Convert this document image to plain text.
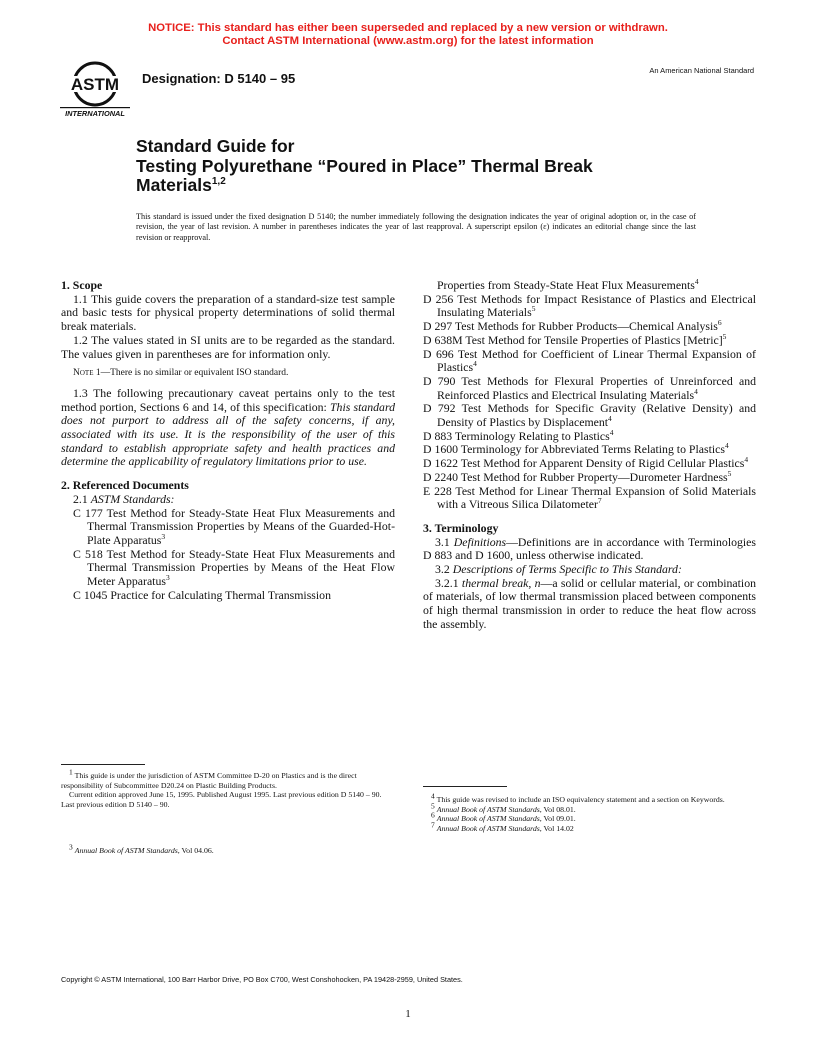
NOTICE: This standard has either been superseded and replaced by a new version or withdrawn.
Contact ASTM International (www.astm.org) for the latest information
ASTM
INTERNATIONAL
Designation: D 5140 – 95
An American National Standard
Standard Guide for
Testing Polyurethane “Poured in Place” Thermal Break
Materials$^{1,2}$
This standard is issued under the fixed designation D 5140; the number immediately following the designation indicates the year of original adoption or, in the case of revision, the year of last revision. A number in parentheses indicates the year of last reapproval. A superscript epsilon (ε) indicates an editorial change since the last revision or reapproval.
1. Scope

1.1 This guide covers the preparation of a standard-size test sample and basic tests for physical property determinations of solid thermal break materials.

1.2 The values stated in SI units are to be regarded as the standard. The values given in parentheses are for information only.

Note 1—There is no similar or equivalent ISO standard.

1.3 The following precautionary caveat pertains only to the test method portion, Sections 6 and 14, of this specification: This standard does not purport to address all of the safety concerns, if any, associated with its use. It is the responsibility of the user of this standard to establish appropriate safety and health practices and determine the applicability of regulatory limitations prior to use.

2. Referenced Documents

2.1 ASTM Standards:

C 177 Test Method for Steady-State Heat Flux Measurements and Thermal Transmission Properties by Means of the Guarded-Hot-Plate Apparatus$^3$

C 518 Test Method for Steady-State Heat Flux Measurements and Thermal Transmission Properties by Means of the Heat Flow Meter Apparatus$^3$

C 1045 Practice for Calculating Thermal Transmission

Properties from Steady-State Heat Flux Measurements$^4$

D 256 Test Methods for Impact Resistance of Plastics and Electrical Insulating Materials$^5$

D 297 Test Methods for Rubber Products—Chemical Analysis$^6$

D 638M Test Method for Tensile Properties of Plastics [Metric]$^5$

D 696 Test Method for Coefficient of Linear Thermal Expansion of Plastics$^4$

D 790 Test Methods for Flexural Properties of Unreinforced and Reinforced Plastics and Electrical Insulating Materials$^4$

D 792 Test Methods for Specific Gravity (Relative Density) and Density of Plastics by Displacement$^4$

D 883 Terminology Relating to Plastics$^4$

D 1600 Terminology for Abbreviated Terms Relating to Plastics$^4$

D 1622 Test Method for Apparent Density of Rigid Cellular Plastics$^4$

D 2240 Test Method for Rubber Property—Durometer Hardness$^5$

E 228 Test Method for Linear Thermal Expansion of Solid Materials with a Vitreous Silica Dilatometer$^7$

3. Terminology

3.1 Definitions—Definitions are in accordance with Terminologies D 883 and D 1600, unless otherwise indicated.

3.2 Descriptions of Terms Specific to This Standard:

3.2.1 thermal break, n—a solid or cellular material, or combination of materials, of low thermal transmission placed between components of high thermal transmission in order to reduce the heat flow across the assembly.

$^1$ This guide is under the jurisdiction of ASTM Committee D-20 on Plastics and is the direct responsibility of Subcommittee D20.24 on Plastic Building Products.

Current edition approved June 15, 1995. Published August 1995. Last previous edition D 5140 – 90. Last previous edition D 5140 – 90.

$^3$ Annual Book of ASTM Standards, Vol 04.06.

$^4$ This guide was revised to include an ISO equivalency statement and a section on Keywords.

$^5$ Annual Book of ASTM Standards, Vol 08.01.

$^6$ Annual Book of ASTM Standards, Vol 09.01.

$^7$ Annual Book of ASTM Standards, Vol 14.02

Copyright © ASTM International, 100 Barr Harbor Drive, PO Box C700, West Conshohocken, PA 19428-2959, United States.
1
